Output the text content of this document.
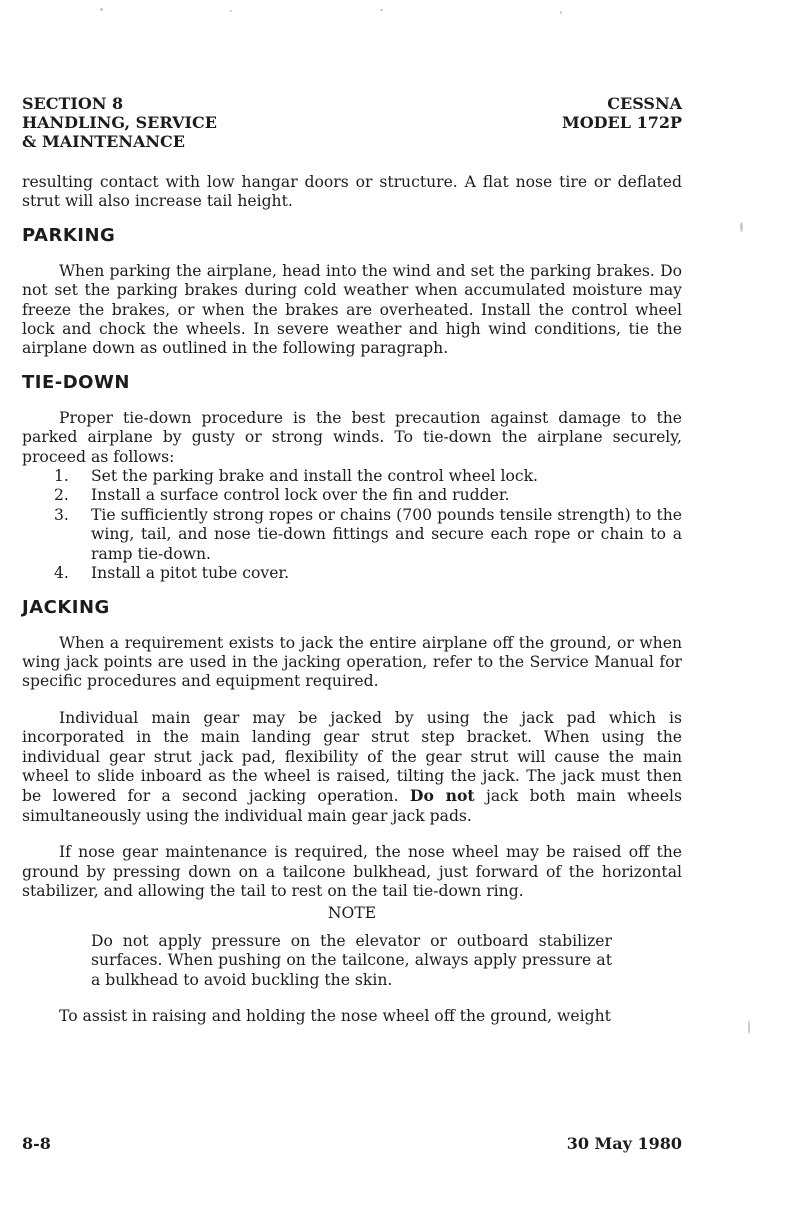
SECTION 8
HANDLING, SERVICE
& MAINTENANCE
CESSNA
MODEL 172P

resulting contact with low hangar doors or structure. A flat nose tire or deflated strut will also increase tail height.

PARKING

When parking the airplane, head into the wind and set the parking brakes. Do not set the parking brakes during cold weather when accumulated moisture may freeze the brakes, or when the brakes are overheated. Install the control wheel lock and chock the wheels. In severe weather and high wind conditions, tie the airplane down as outlined in the following paragraph.

TIE-DOWN

Proper tie-down procedure is the best precaution against damage to the parked airplane by gusty or strong winds. To tie-down the airplane securely, proceed as follows:

1. Set the parking brake and install the control wheel lock.
2. Install a surface control lock over the fin and rudder.
3. Tie sufficiently strong ropes or chains (700 pounds tensile strength) to the wing, tail, and nose tie-down fittings and secure each rope or chain to a ramp tie-down.
4. Install a pitot tube cover.
JACKING

When a requirement exists to jack the entire airplane off the ground, or when wing jack points are used in the jacking operation, refer to the Service Manual for specific procedures and equipment required.

Individual main gear may be jacked by using the jack pad which is incorporated in the main landing gear strut step bracket. When using the individual gear strut jack pad, flexibility of the gear strut will cause the main wheel to slide inboard as the wheel is raised, tilting the jack. The jack must then be lowered for a second jacking operation. Do not jack both main wheels simultaneously using the individual main gear jack pads.

If nose gear maintenance is required, the nose wheel may be raised off the ground by pressing down on a tailcone bulkhead, just forward of the horizontal stabilizer, and allowing the tail to rest on the tail tie-down ring.

NOTE

Do not apply pressure on the elevator or outboard stabilizer surfaces. When pushing on the tailcone, always apply pressure at a bulkhead to avoid buckling the skin.

To assist in raising and holding the nose wheel off the ground, weight

8-8	30 May 1980
